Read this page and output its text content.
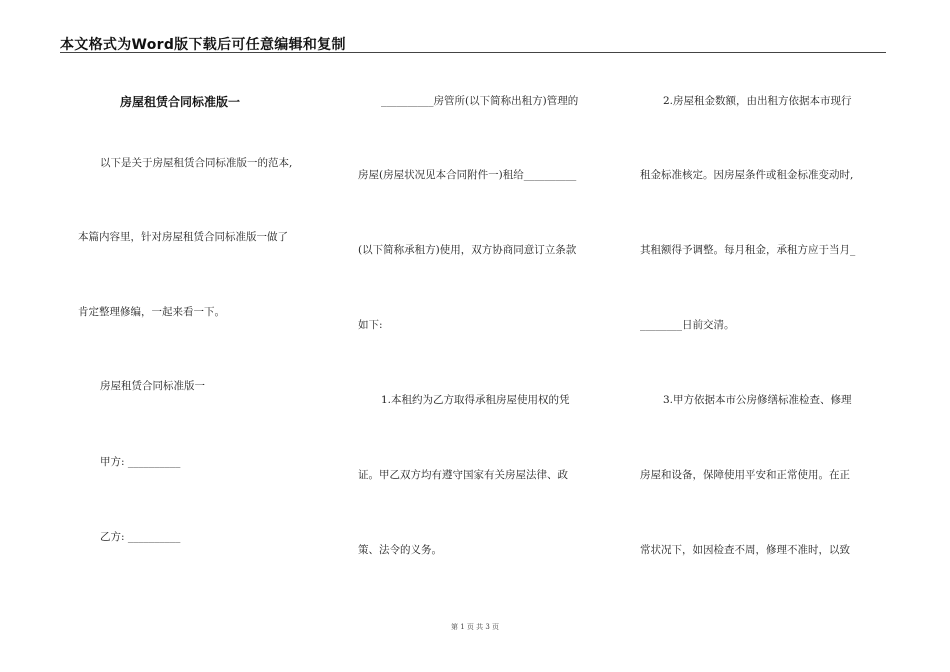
本文格式为Word版下载后可任意编辑和复制
房屋租赁合同标准版一
以下是关于房屋租赁合同标准版一的范本,
本篇内容里，针对房屋租赁合同标准版一做了
肯定整理修编，一起来看一下。
房屋租赁合同标准版一
甲方: __________
乙方: __________
__________房管所(以下简称出租方)管理的
房屋(房屋状况见本合同附件一)租给__________
(以下简称承租方)使用，双方协商同意订立条款
如下:
1.本租约为乙方取得承租房屋使用权的凭
证。甲乙双方均有遵守国家有关房屋法律、政
策、法令的义务。
2.房屋租金数额，由出租方依据本市现行
租金标准核定。因房屋条件或租金标准变动时,
其租额得予调整。每月租金，承租方应于当月_
________日前交清。
3.甲方依据本市公房修缮标准检查、修理
房屋和设备，保障使用平安和正常使用。在正
常状况下，如因检查不周，修理不准时，以致
第 1 页 共 3 页
